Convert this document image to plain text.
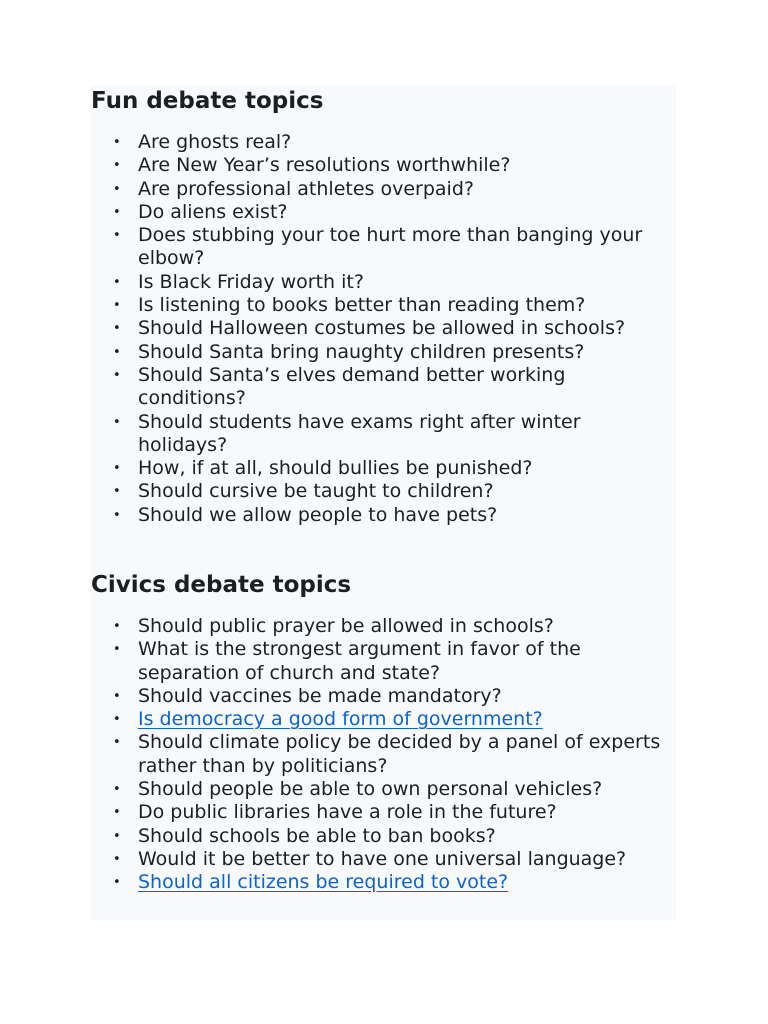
Fun debate topics
• Are ghosts real?
• Are New Year’s resolutions worthwhile?
• Are professional athletes overpaid?
• Do aliens exist?
• Does stubbing your toe hurt more than banging your elbow?
• Is Black Friday worth it?
• Is listening to books better than reading them?
• Should Halloween costumes be allowed in schools?
• Should Santa bring naughty children presents?
• Should Santa’s elves demand better working conditions?
• Should students have exams right after winter holidays?
• How, if at all, should bullies be punished?
• Should cursive be taught to children?
• Should we allow people to have pets?
Civics debate topics
• Should public prayer be allowed in schools?
• What is the strongest argument in favor of the separation of church and state?
• Should vaccines be made mandatory?
• Is democracy a good form of government?
• Should climate policy be decided by a panel of experts rather than by politicians?
• Should people be able to own personal vehicles?
• Do public libraries have a role in the future?
• Should schools be able to ban books?
• Would it be better to have one universal language?
• Should all citizens be required to vote?
